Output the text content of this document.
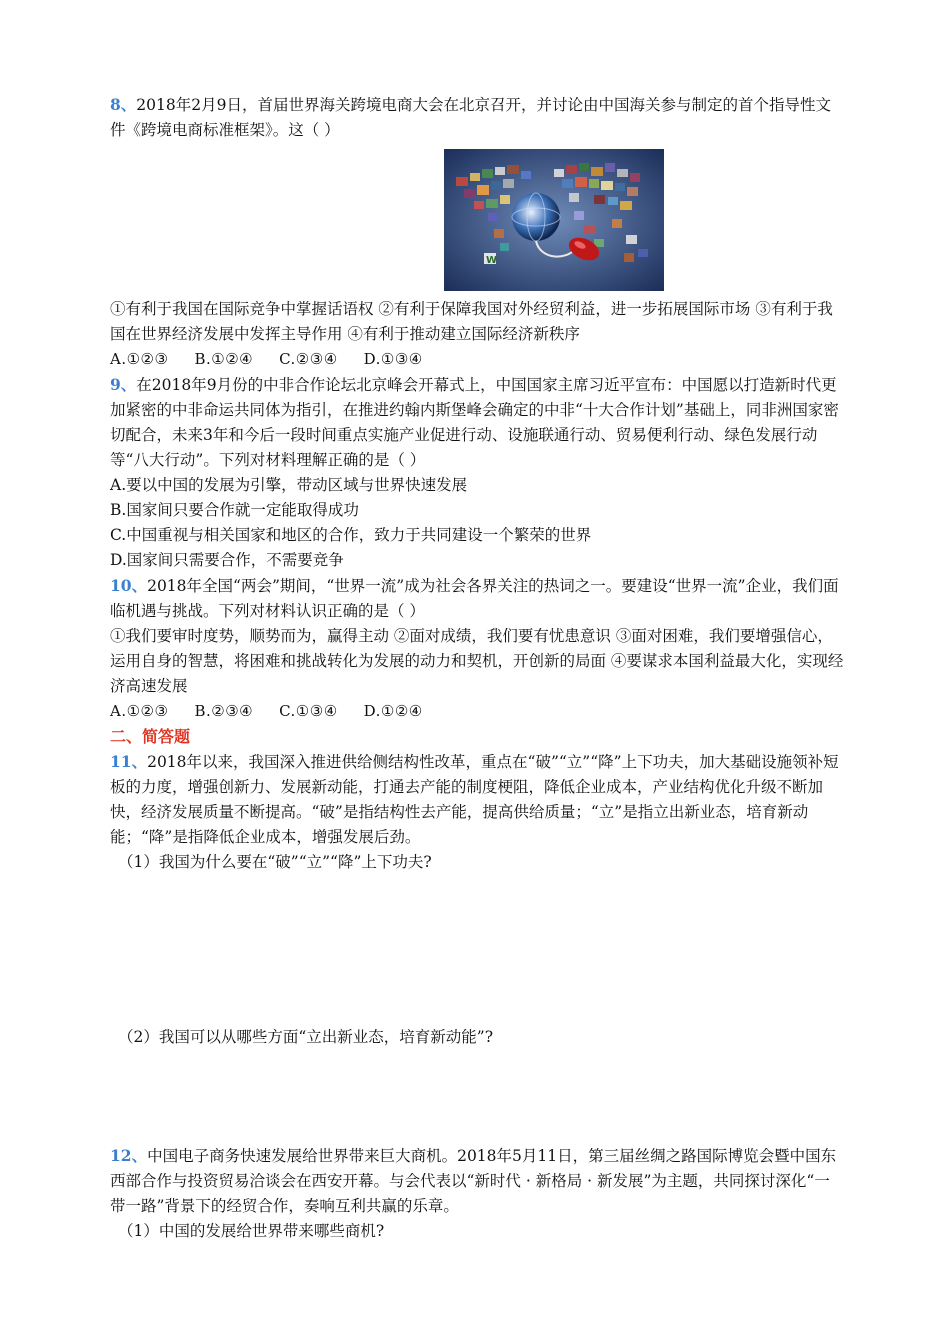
8、2018年2月9日，首届世界海关跨境电商大会在北京召开，并讨论由中国海关参与制定的首个指导性文件《跨境电商标准框架》。这（ ）

W

①有利于我国在国际竞争中掌握话语权 ②有利于保障我国对外经贸利益，进一步拓展国际市场 ③有利于我国在世界经济发展中发挥主导作用 ④有利于推动建立国际经济新秩序

A.①②③ B.①②④ C.②③④ D.①③④

9、在2018年9月份的中非合作论坛北京峰会开幕式上，中国国家主席习近平宣布：中国愿以打造新时代更加紧密的中非命运共同体为指引，在推进约翰内斯堡峰会确定的中非“十大合作计划”基础上，同非洲国家密切配合，未来3年和今后一段时间重点实施产业促进行动、设施联通行动、贸易便利行动、绿色发展行动等“八大行动”。下列对材料理解正确的是（ ）

A.要以中国的发展为引擎，带动区域与世界快速发展

B.国家间只要合作就一定能取得成功

C.中国重视与相关国家和地区的合作，致力于共同建设一个繁荣的世界

D.国家间只需要合作，不需要竞争

10、2018年全国“两会”期间，“世界一流”成为社会各界关注的热词之一。要建设“世界一流”企业，我们面临机遇与挑战。下列对材料认识正确的是（ ）

①我们要审时度势，顺势而为，赢得主动 ②面对成绩，我们要有忧患意识 ③面对困难，我们要增强信心，运用自身的智慧，将困难和挑战转化为发展的动力和契机，开创新的局面 ④要谋求本国利益最大化，实现经济高速发展

A.①②③ B.②③④ C.①③④ D.①②④

二、简答题

11、2018年以来，我国深入推进供给侧结构性改革，重点在“破”“立”“降”上下功夫，加大基础设施领补短板的力度，增强创新力、发展新动能，打通去产能的制度梗阻，降低企业成本，产业结构优化升级不断加快，经济发展质量不断提高。“破”是指结构性去产能，提高供给质量；“立”是指立出新业态，培育新动能；“降”是指降低企业成本，增强发展后劲。

（1）我国为什么要在“破”“立”“降”上下功夫?

（2）我国可以从哪些方面“立出新业态，培育新动能”?

12、中国电子商务快速发展给世界带来巨大商机。2018年5月11日，第三届丝绸之路国际博览会暨中国东西部合作与投资贸易洽谈会在西安开幕。与会代表以“新时代 · 新格局 · 新发展”为主题，共同探讨深化“一带一路”背景下的经贸合作，奏响互利共赢的乐章。

（1）中国的发展给世界带来哪些商机?
